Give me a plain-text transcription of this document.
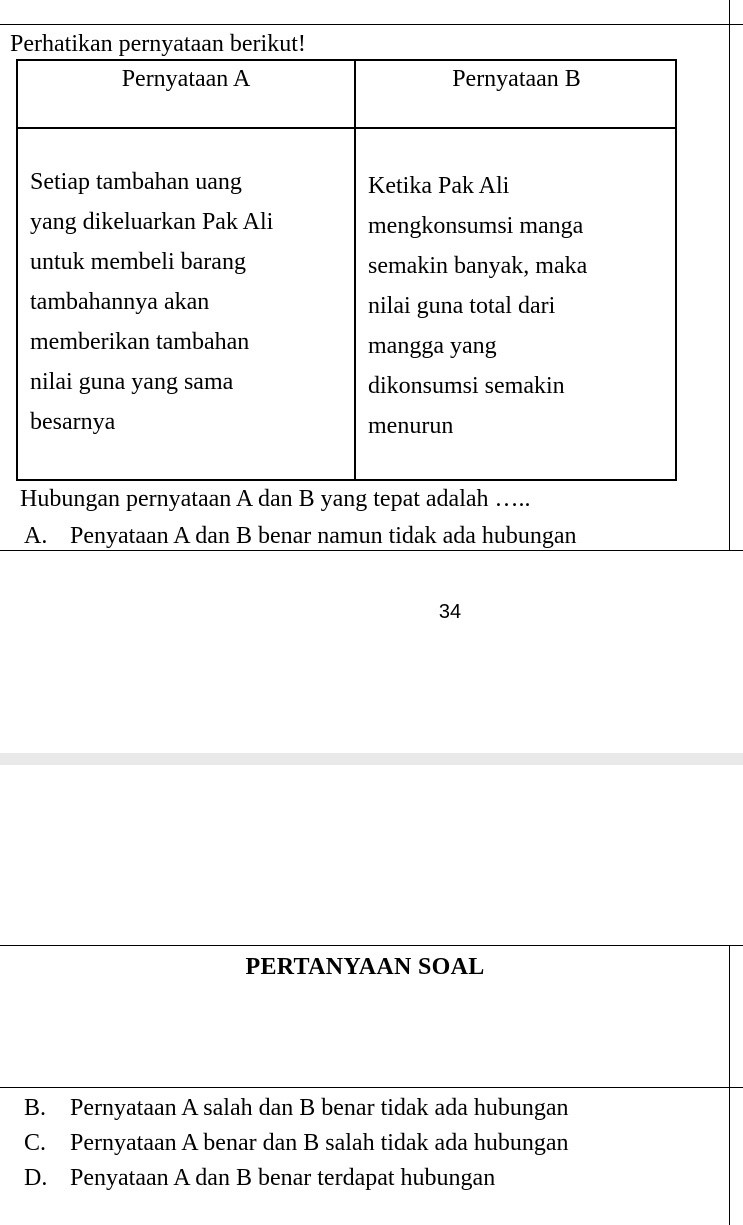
Perhatikan pernyataan berikut!
Pernyataan A	Pernyataan B
Setiap tambahan uang
yang dikeluarkan Pak Ali
untuk membeli barang
tambahannya akan
memberikan tambahan
nilai guna yang sama
besarnya
Ketika Pak Ali
mengkonsumsi manga
semakin banyak, maka
nilai guna total dari
mangga yang
dikonsumsi semakin
menurun
Hubungan pernyataan A dan B yang tepat adalah …..
A. Penyataan A dan B benar namun tidak ada hubungan
34
PERTANYAAN SOAL
B. Pernyataan A salah dan B benar tidak ada hubungan
C. Pernyataan A benar dan B salah tidak ada hubungan
D. Penyataan A dan B benar terdapat hubungan
